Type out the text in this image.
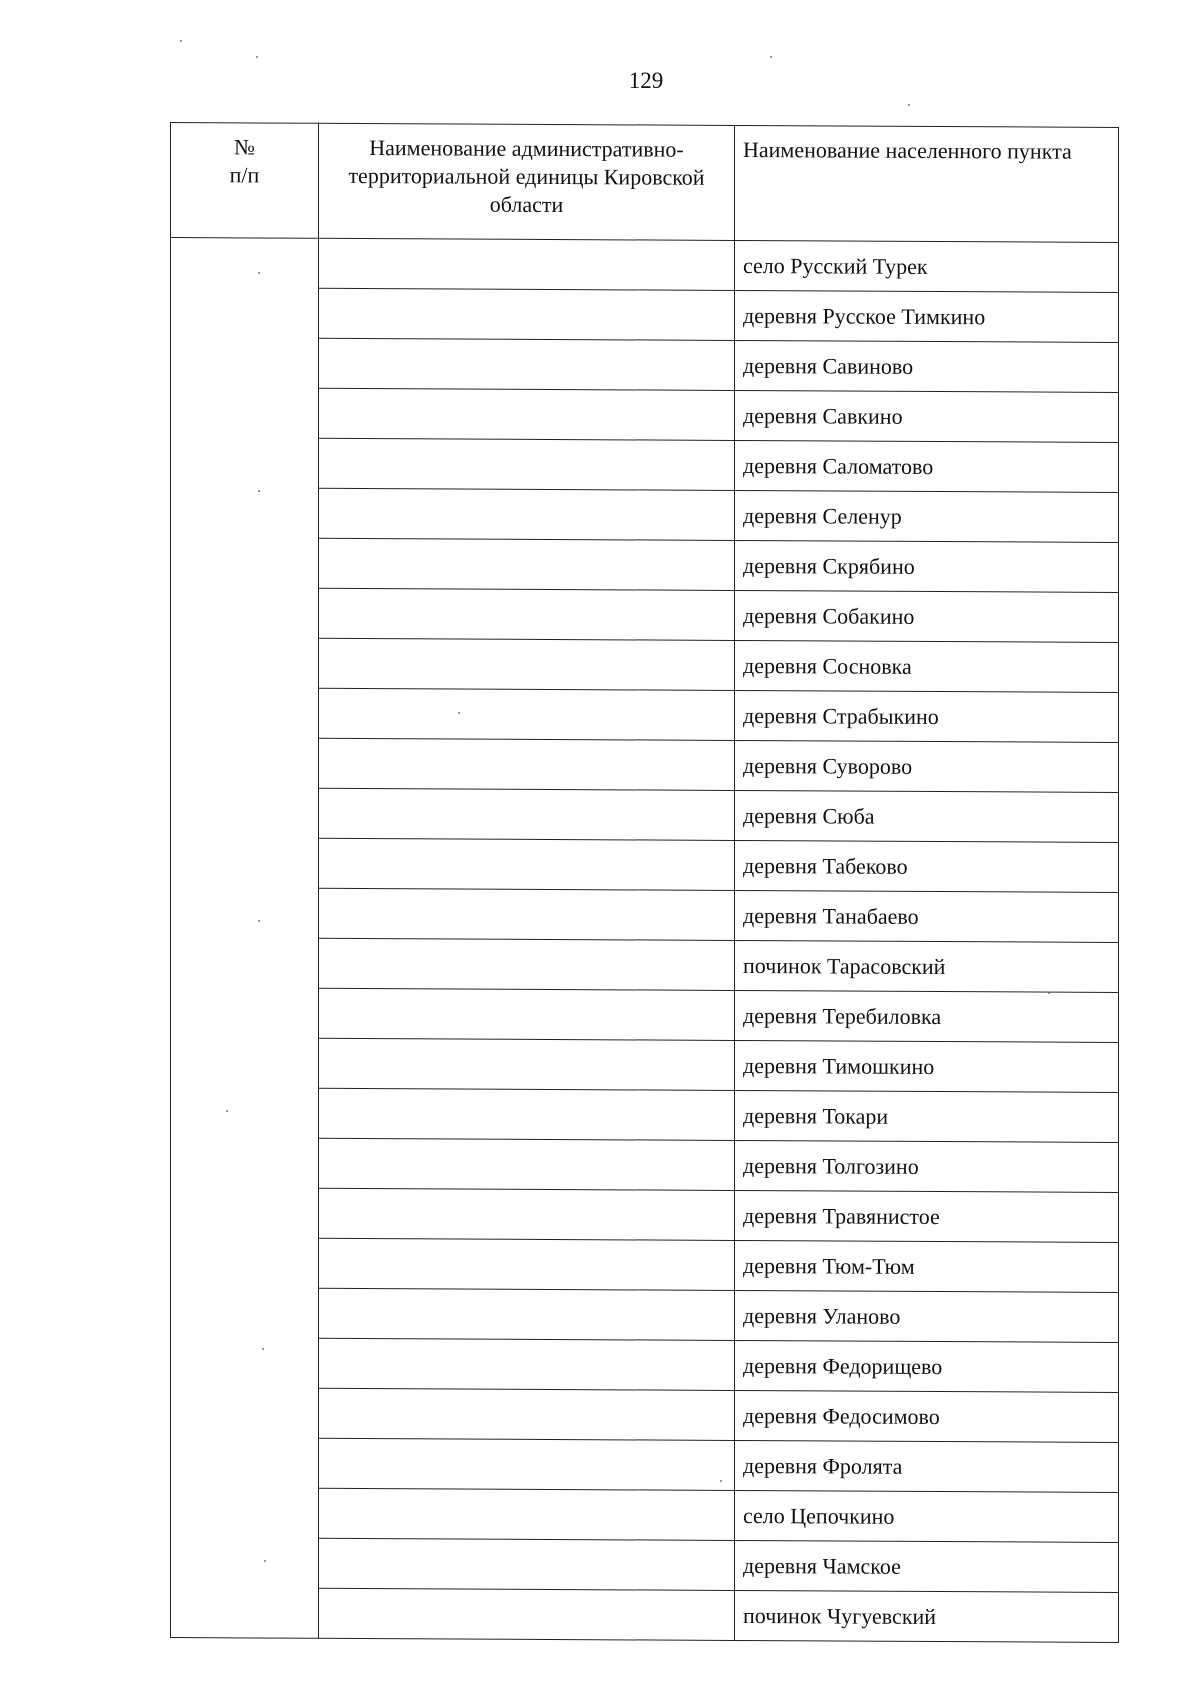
129
№
п/п	Наименование административно-территориальной единицы Кировской области	Наименование населенного пункта
		село Русский Турек
		деревня Русское Тимкино
		деревня Савиново
		деревня Савкино
		деревня Саломатово
		деревня Селенур
		деревня Скрябино
		деревня Собакино
		деревня Сосновка
		деревня Страбыкино
		деревня Суворово
		деревня Сюба
		деревня Табеково
		деревня Танабаево
		починок Тарасовский
		деревня Теребиловка
		деревня Тимошкино
		деревня Токари
		деревня Толгозино
		деревня Травянистое
		деревня Тюм-Тюм
		деревня Уланово
		деревня Федорищево
		деревня Федосимово
		деревня Фролята
		село Цепочкино
		деревня Чамское
		починок Чугуевский
